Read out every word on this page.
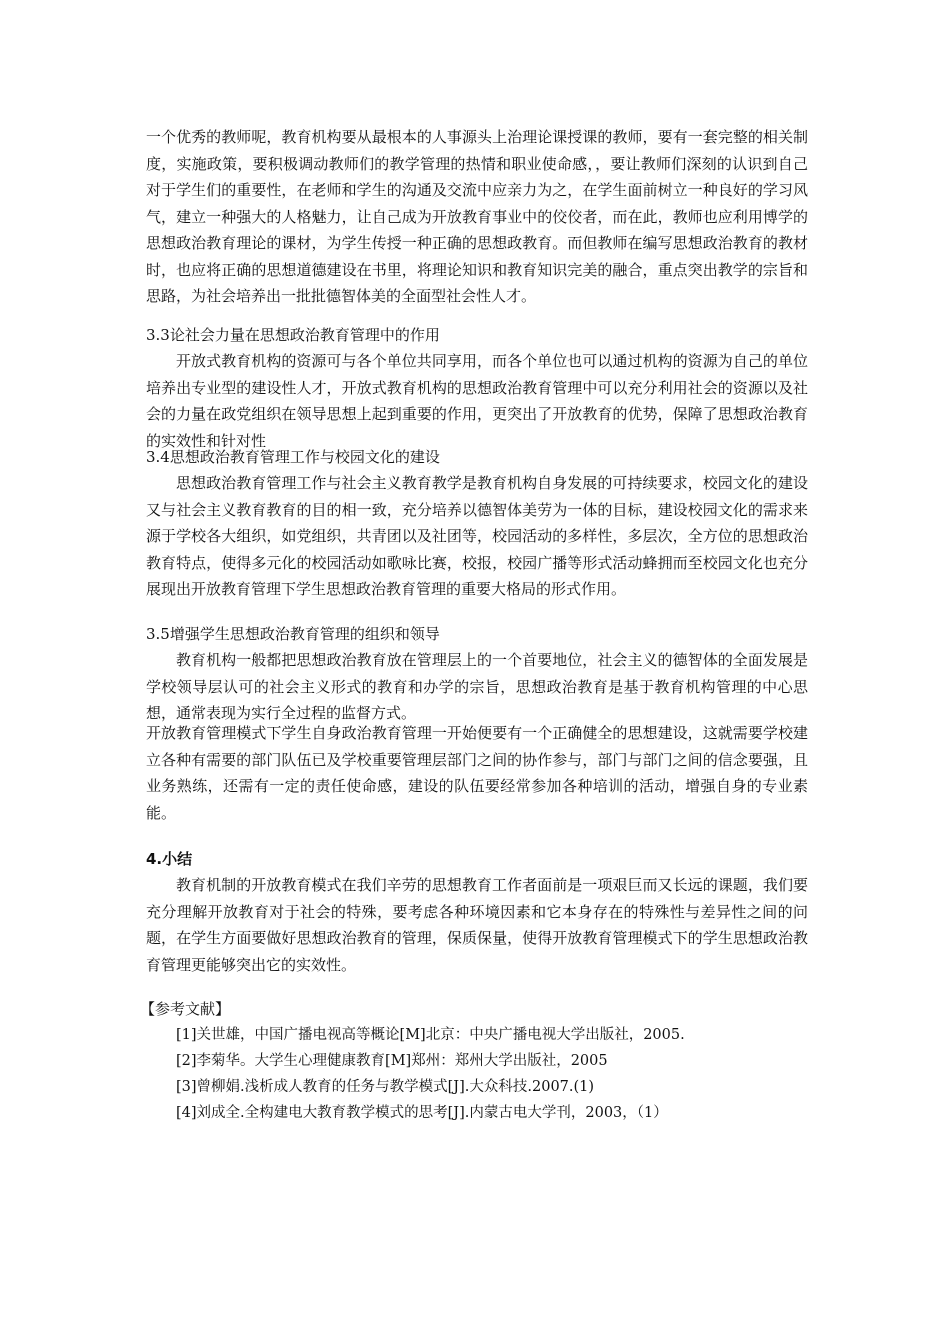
一个优秀的教师呢，教育机构要从最根本的人事源头上治理论课授课的教师，要有一套完整的相关制度，实施政策，要积极调动教师们的教学管理的热情和职业使命感，，要让教师们深刻的认识到自己对于学生们的重要性，在老师和学生的沟通及交流中应亲力为之，在学生面前树立一种良好的学习风气，建立一种强大的人格魅力，让自己成为开放教育事业中的佼佼者，而在此，教师也应利用博学的思想政治教育理论的课材，为学生传授一种正确的思想政教育。而但教师在编写思想政治教育的教材时，也应将正确的思想道德建设在书里，将理论知识和教育知识完美的融合，重点突出教学的宗旨和思路，为社会培养出一批批德智体美的全面型社会性人才。

3.3论社会力量在思想政治教育管理中的作用

开放式教育机构的资源可与各个单位共同享用，而各个单位也可以通过机构的资源为自己的单位培养出专业型的建设性人才，开放式教育机构的思想政治教育管理中可以充分利用社会的资源以及社会的力量在政党组织在领导思想上起到重要的作用，更突出了开放教育的优势，保障了思想政治教育的实效性和针对性

3.4思想政治教育管理工作与校园文化的建设

思想政治教育管理工作与社会主义教育教学是教育机构自身发展的可持续要求，校园文化的建设又与社会主义教育教育的目的相一致，充分培养以德智体美劳为一体的目标，建设校园文化的需求来源于学校各大组织，如党组织，共青团以及社团等，校园活动的多样性，多层次，全方位的思想政治教育特点，使得多元化的校园活动如歌咏比赛，校报，校园广播等形式活动蜂拥而至校园文化也充分展现出开放教育管理下学生思想政治教育管理的重要大格局的形式作用。

3.5增强学生思想政治教育管理的组织和领导

教育机构一般都把思想政治教育放在管理层上的一个首要地位，社会主义的德智体的全面发展是学校领导层认可的社会主义形式的教育和办学的宗旨，思想政治教育是基于教育机构管理的中心思想，通常表现为实行全过程的监督方式。

开放教育管理模式下学生自身政治教育管理一开始便要有一个正确健全的思想建设，这就需要学校建立各种有需要的部门队伍已及学校重要管理层部门之间的协作参与，部门与部门之间的信念要强，且业务熟练，还需有一定的责任使命感，建设的队伍要经常参加各种培训的活动，增强自身的专业素能。

4.小结

教育机制的开放教育模式在我们辛劳的思想教育工作者面前是一项艰巨而又长远的课题，我们要充分理解开放教育对于社会的特殊，要考虑各种环境因素和它本身存在的特殊性与差异性之间的问题，在学生方面要做好思想政治教育的管理，保质保量，使得开放教育管理模式下的学生思想政治教育管理更能够突出它的实效性。

【参考文献】

[1]关世雄，中国广播电视高等概论[M]北京：中央广播电视大学出版社，2005.
[2]李菊华。大学生心理健康教育[M]郑州：郑州大学出版社，2005
[3]曾柳娟.浅析成人教育的任务与教学模式[J].大众科技.2007.(1)
[4]刘成全.全构建电大教育教学模式的思考[J].内蒙古电大学刊，2003，（1）
